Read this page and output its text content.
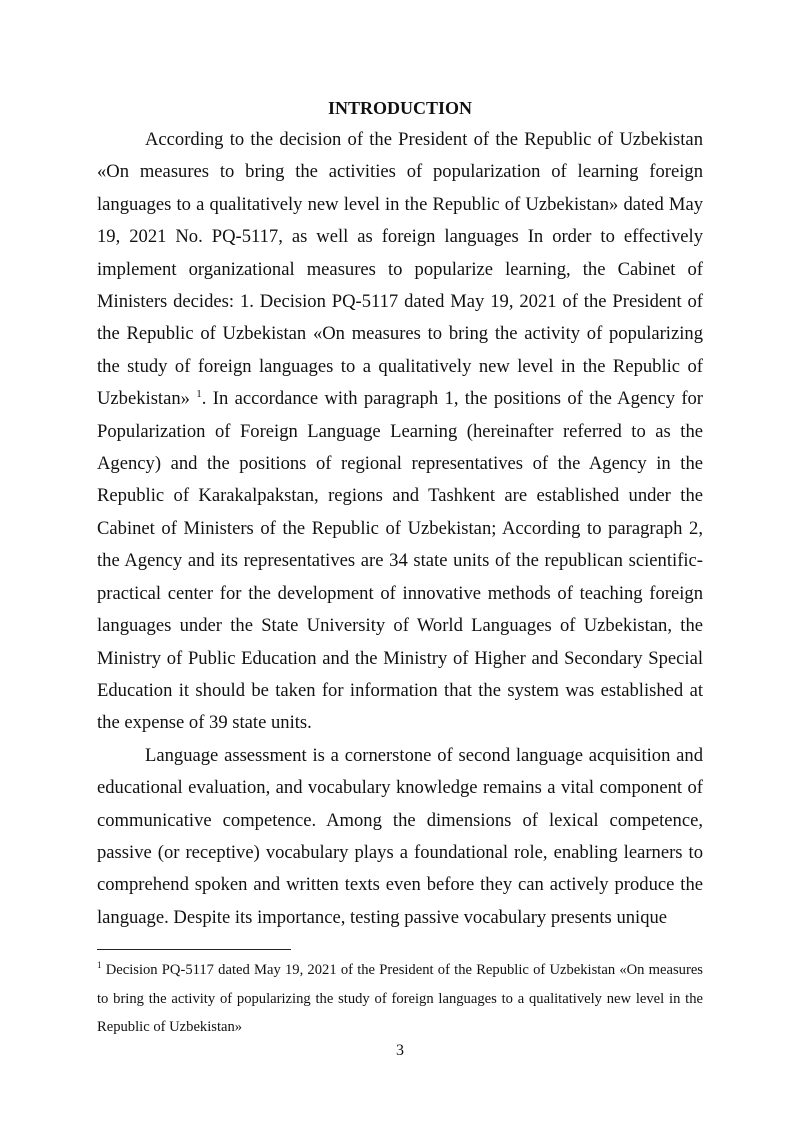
INTRODUCTION

According to the decision of the President of the Republic of Uzbekistan «On measures to bring the activities of popularization of learning foreign languages to a qualitatively new level in the Republic of Uzbekistan» dated May 19, 2021 No. PQ-5117, as well as foreign languages In order to effectively implement organizational measures to popularize learning, the Cabinet of Ministers decides: 1. Decision PQ-5117 dated May 19, 2021 of the President of the Republic of Uzbekistan «On measures to bring the activity of popularizing the study of foreign languages to a qualitatively new level in the Republic of Uzbekistan» $^1$. In accordance with paragraph 1, the positions of the Agency for Popularization of Foreign Language Learning (hereinafter referred to as the Agency) and the positions of regional representatives of the Agency in the Republic of Karakalpakstan, regions and Tashkent are established under the Cabinet of Ministers of the Republic of Uzbekistan; According to paragraph 2, the Agency and its representatives are 34 state units of the republican scientific-practical center for the development of innovative methods of teaching foreign languages under the State University of World Languages of Uzbekistan, the Ministry of Public Education and the Ministry of Higher and Secondary Special Education it should be taken for information that the system was established at the expense of 39 state units.

Language assessment is a cornerstone of second language acquisition and educational evaluation, and vocabulary knowledge remains a vital component of communicative competence. Among the dimensions of lexical competence, passive (or receptive) vocabulary plays a foundational role, enabling learners to comprehend spoken and written texts even before they can actively produce the language. Despite its importance, testing passive vocabulary presents unique

$^1$ Decision PQ-5117 dated May 19, 2021 of the President of the Republic of Uzbekistan «On measures to bring the activity of popularizing the study of foreign languages to a qualitatively new level in the Republic of Uzbekistan»

3
